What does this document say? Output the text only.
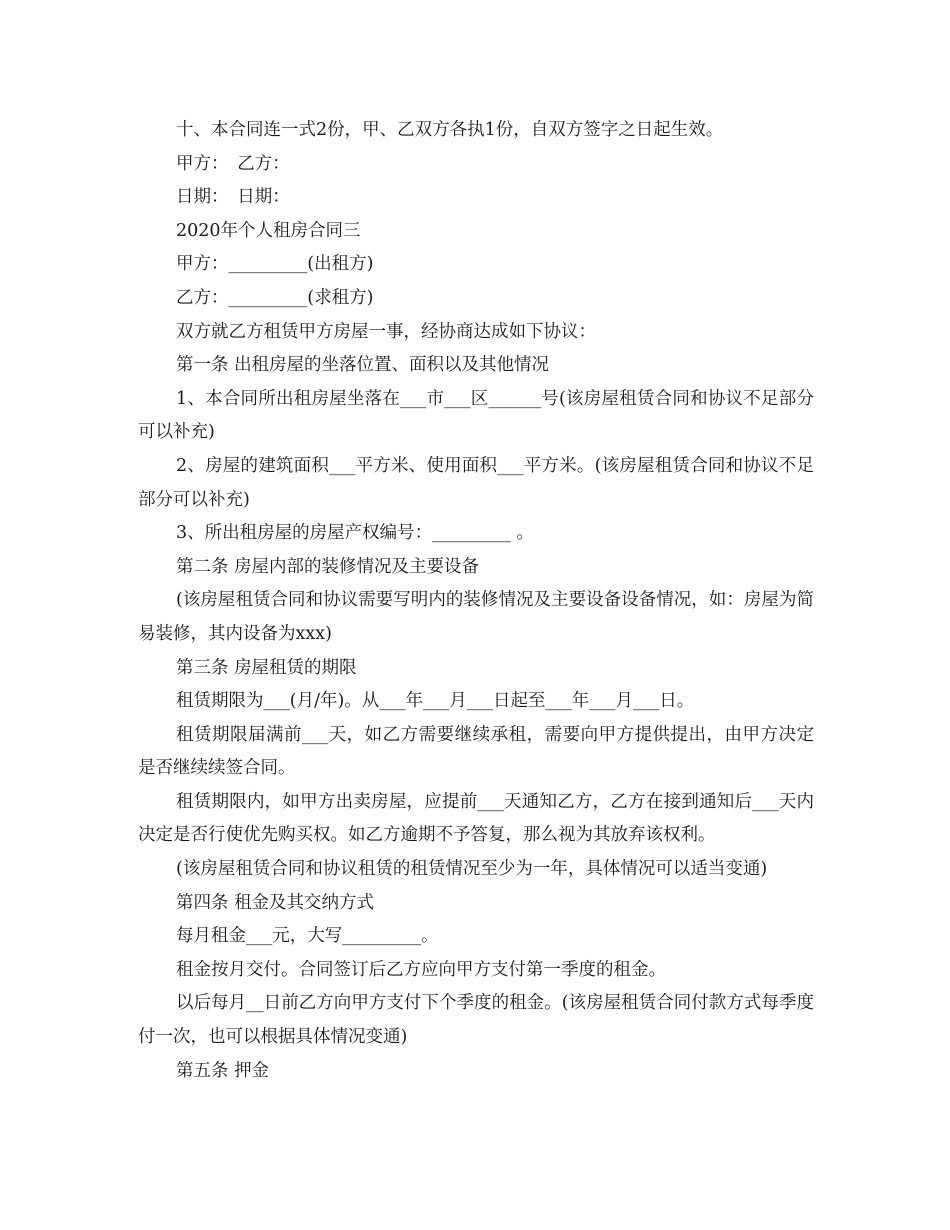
十、本合同连一式2份，甲、乙双方各执1份，自双方签字之日起生效。

甲方：　乙方：

日期：　日期：

2020年个人租房合同三

甲方：_________(出租方)

乙方：_________(求租方)

双方就乙方租赁甲方房屋一事，经协商达成如下协议：

第一条 出租房屋的坐落位置、面积以及其他情况

1、本合同所出租房屋坐落在___市___区______号(该房屋租赁合同和协议不足部分可以补充)

2、房屋的建筑面积___平方米、使用面积___平方米。(该房屋租赁合同和协议不足部分可以补充)

3、所出租房屋的房屋产权编号：_________ 。

第二条 房屋内部的装修情况及主要设备

(该房屋租赁合同和协议需要写明内的装修情况及主要设备设备情况，如：房屋为简易装修，其内设备为xxx)

第三条 房屋租赁的期限

租赁期限为___(月/年)。从___年___月___日起至___年___月___日。

租赁期限届满前___天，如乙方需要继续承租，需要向甲方提供提出，由甲方决定是否继续续签合同。

租赁期限内，如甲方出卖房屋，应提前___天通知乙方，乙方在接到通知后___天内决定是否行使优先购买权。如乙方逾期不予答复，那么视为其放弃该权利。

(该房屋租赁合同和协议租赁的租赁情况至少为一年，具体情况可以适当变通)

第四条 租金及其交纳方式

每月租金___元，大写_________。

租金按月交付。合同签订后乙方应向甲方支付第一季度的租金。

以后每月__日前乙方向甲方支付下个季度的租金。(该房屋租赁合同付款方式每季度付一次，也可以根据具体情况变通)

第五条 押金
